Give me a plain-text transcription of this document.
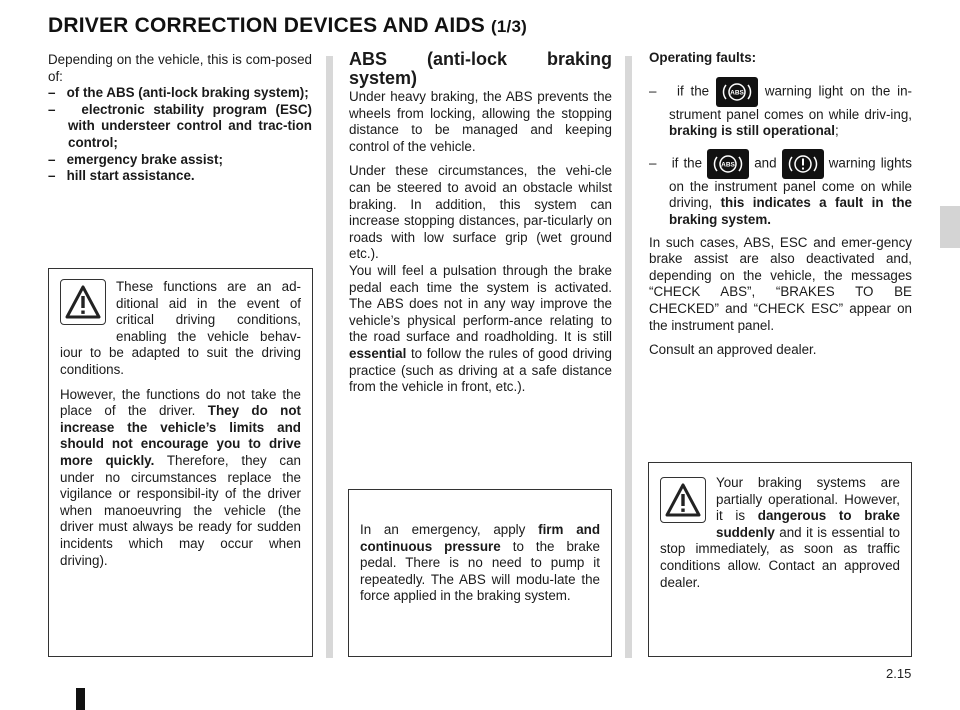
DRIVER CORRECTION DEVICES AND AIDS (1/3)

Depending on the vehicle, this is com-posed of:

–   of the ABS (anti-lock braking system);
–   electronic stability program (ESC) with understeer control and trac-tion control;
–   emergency brake assist;
–   hill start assistance.

These functions are an ad-ditional aid in the event of critical driving conditions, enabling the vehicle behav-iour to be adapted to suit the driving conditions.

However, the functions do not take the place of the driver. They do not increase the vehicle’s limits and should not encourage you to drive more quickly. Therefore, they can under no circumstances replace the vigilance or responsibil-ity of the driver when manoeuvring the vehicle (the driver must always be ready for sudden incidents which may occur when driving).

ABS (anti-lock braking system)

Under heavy braking, the ABS prevents the wheels from locking, allowing the stopping distance to be managed and keeping control of the vehicle.

Under these circumstances, the vehi-cle can be steered to avoid an obstacle whilst braking. In addition, this system can increase stopping distances, par-ticularly on roads with low surface grip (wet ground etc.).

You will feel a pulsation through the brake pedal each time the system is activated. The ABS does not in any way improve the vehicle’s physical perform-ance relating to the road surface and roadholding. It is still essential to follow the rules of good driving practice (such as driving at a safe distance from the vehicle in front, etc.).

In an emergency, apply firm and continuous pressure to the brake pedal. There is no need to pump it repeatedly. The ABS will modu-late the force applied in the braking system.

Operating faults:

–   if the	ABS warning light on the in-strument panel comes on while driv-ing, braking is still operational;
–   if the	ABS and	warning lights on the instrument panel come on while driving, this indicates a fault in the braking system.

In such cases, ABS, ESC and emer-gency brake assist are also deactivated and, depending on the vehicle, the messages “CHECK ABS”, “BRAKES TO BE CHECKED” and “CHECK ESC” appear on the instrument panel.

Consult an approved dealer.

Your braking systems are partially operational. However, it is dangerous to brake suddenly and it is essential to stop immediately, as soon as traffic conditions allow. Contact an approved dealer.

2.15
